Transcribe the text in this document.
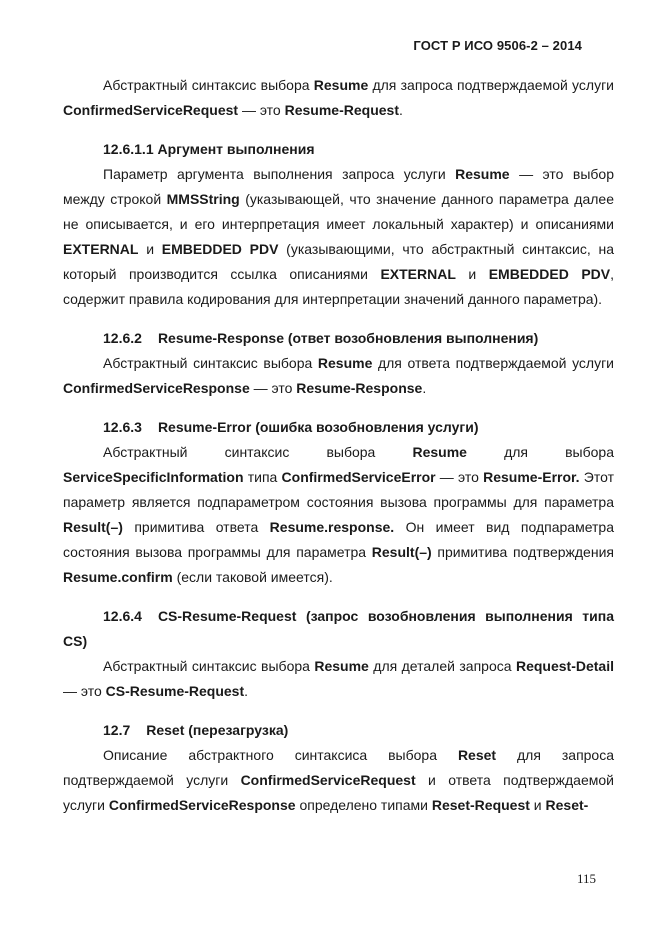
ГОСТ Р ИСО 9506-2 – 2014

Абстрактный синтаксис выбора Resume для запроса подтверждаемой услуги ConfirmedServiceRequest — это Resume-Request.

12.6.1.1 Аргумент выполнения

Параметр аргумента выполнения запроса услуги Resume — это выбор между строкой MMSString (указывающей, что значение данного параметра далее не описывается, и его интерпретация имеет локальный характер) и описаниями EXTERNAL и EMBEDDED PDV (указывающими, что абстрактный синтаксис, на который производится ссылка описаниями EXTERNAL и EMBEDDED PDV, содержит правила кодирования для интерпретации значений данного параметра).

12.6.2 Resume-Response (ответ возобновления выполнения)

Абстрактный синтаксис выбора Resume для ответа подтверждаемой услуги ConfirmedServiceResponse — это Resume-Response.

12.6.3 Resume-Error (ошибка возобновления услуги)

Абстрактный синтаксис выбора Resume для выбора ServiceSpecificInformation типа ConfirmedServiceError — это Resume-Error. Этот параметр является подпараметром состояния вызова программы для параметра Result(–) примитива ответа Resume.response. Он имеет вид подпараметра состояния вызова программы для параметра Result(–) примитива подтверждения Resume.confirm (если таковой имеется).

12.6.4 CS-Resume-Request (запрос возобновления выполнения типа CS)

Абстрактный синтаксис выбора Resume для деталей запроса Request-Detail — это CS-Resume-Request.

12.7 Reset (перезагрузка)

Описание абстрактного синтаксиса выбора Reset для запроса подтверждаемой услуги ConfirmedServiceRequest и ответа подтверждаемой услуги ConfirmedServiceResponse определено типами Reset-Request и Reset-

115
